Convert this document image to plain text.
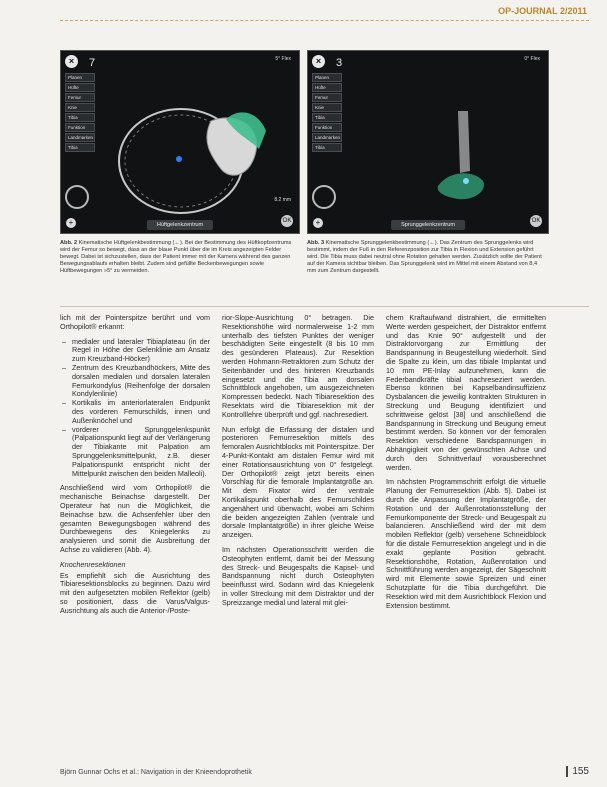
OP-JOURNAL 2/2011
×	7	5° Flex
Planen
Hüfte
Femur
Knie
Tibia
Funktion
Landmarken
Tibia
+
8.2 mm
Hüftgelenkzentrum
OK
×	3	0° Flex
Planen
Hüfte
Femur
Knie
Tibia
Funktion
Landmarken
Tibia
+	Sprunggelenkzentrum
OK
Abb. 2 Kinematische Hüftgelenkbestimmung (←). Bei der Bestimmung des Hüftkopfzentrums wird der Femur so bewegt, dass an der blaue Punkt über die im Kreis angezeigten Felder bewegt. Dabei ist sichzustellen, dass der Patient immer mit der Kamera während des ganzen Bewegungsablaufs erhalten bleibt. Zudem sind gefüllte Beckenbewegungen sowie Hüftbewegungen »5° zu vermeiden.
Abb. 3 Kinematische Sprunggelenkbestimmung (←). Das Zentrum des Sprunggelenks wird bestimmt, indem der Fuß in den Referenzposition zur Tibia in Flexion und Extension geführt wird. Die Tibia muss dabei neutral ohne Rotation gehalten werden. Zusätzlich sollte der Patient auf der Kamera sichtbar bleiben. Das Sprunggelenk wird im Mittel mit einem Abstand von 8,4 mm zum Zentrum dargestellt.

lich mit der Pointerspitze berührt und vom Orthopilot® erkannt:

– medialer und lateraler Tibiaplateau (in der Regel in Höhe der Gelenklinie am Ansatz zum Kreuzband-Höcker)
– Zentrum des Kreuzbandhöckers, Mitte des dorsalen medialen und dorsalen lateralen Femurkondylus (Reihenfolge der dorsalen Kondylenlinie)
– Kortikalis im anteriorlateralen Endpunkt des vorderen Femurschilds, innen und Außenknöchel und
– vorderer Sprunggelenkspunkt (Palpationspunkt liegt auf der Verlängerung der Tibiakante mit Palpation am Sprunggelenksmittelpunkt, z.B. dieser Palpationspunkt entspricht nicht der Mittelpunkt zwischen den beiden Malleoli).

Anschließend wird vom Orthopilot® die mechanische Beinachse dargestellt. Der Operateur hat nun die Möglichkeit, die Beinachse bzw. die Achsenfehler über den gesamten Bewegungsbogen während des Durchbewegens des Kniegelenks zu analysieren und somit die Ausbreitung der Achse zu validieren (Abb. 4).

Knochenresektionen

Es empfiehlt sich die Ausrichtung des Tibiaresektionsblocks zu beginnen. Dazu wird mit den aufgesetzten mobilen Reflektor (gelb) so positioniert, dass die Varus/Valgus-Ausrichtung als auch die Anterior-/Poste-

rior-Slope-Ausrichtung 0° betragen. Die Resektionshöhe wird normalerweise 1-2 mm unterhalb des tiefsten Punktes der weniger beschädigten Seite eingestellt (8 bis 10 mm des gesünderen Plateaus). Zur Resektion werden Hohmann-Retraktoren zum Schutz der Seitenbänder und des hinteren Kreuzbands eingesetzt und die Tibia am dorsalen Schnittblock angehoben, um ausgezeichneten Kompressen bedeckt. Nach Tibiaresektion des Resektats wird die Tibiaresektion mit der Kontrolllehre überprüft und ggf. nachresediert.

Nun erfolgt die Erfassung der distalen und posterioren Femurresektion mittels des femoralen Ausrichtblocks mit Pointerspitze. Der 4-Punkt-Kontakt am distalen Femur wird mit einer Rotationsausrichtung von 0° festgelegt. Der Orthopilot® zeigt jetzt bereits einen Vorschlag für die femorale Implantatgröße an. Mit dem Fixator wird der ventrale Kortikalispunkt oberhalb des Femurschildes angenähert und überwacht, wobei am Schirm die beiden angezeigten Zahlen (ventrale und dorsale Implantatgröße) in ihrer gleiche Weise anzeigen.

Im nächsten Operationsschritt werden die Osteophyten entfernt, damit bei der Messung des Streck- und Beugespalts die Kapsel- und Bandspannung nicht durch Osteophyten beeinflusst wird. Sodann wird das Kniegelenk in voller Streckung mit dem Distraktor und der Spreizzange medial und lateral mit glei-

chem Kraftaufwand distrahiert, die ermittelten Werte werden gespeichert, der Distraktor entfernt und das Knie 90° aufgestellt und der Distraktorvorgang zur Ermittlung der Bandspannung in Beugestellung wiederholt. Sind die Spalte zu klein, um das tibiale Implantat und 10 mm PE-Inlay aufzunehmen, kann die Federbandkräfte tibial nachreseziert werden. Ebenso können bei Kapselbandinsuffizienz Dysbalancen die jeweilig kontrakten Strukturen in Streckung und Beugung identifiziert und schrittweise gelöst [38] und anschließend die Bandspannung in Streckung und Beugung erneut bestimmt werden. So können vor der femoralen Resektion verschiedene Bandspannungen in Abhängigkeit von der gewünschten Achse und durch den Schnittverlauf vorausberechnet werden.

Im nächsten Programmschritt erfolgt die virtuelle Planung der Femurresektion (Abb. 5). Dabei ist durch die Anpassung der Implantatgröße, der Rotation und der Außenrotationsstellung der Femurkomponente der Streck- und Beugespalt zu balancieren. Anschließend wird der mit dem mobilen Reflektor (gelb) versehene Schneidblock für die distale Femurresektion angelegt und in die exakt geplante Position gebracht. Resektionshöhe, Rotation, Außenrotation und Schnittführung werden angezeigt, der Sägeschnitt wird mit Elemente sowie Spreizen und einer Schutzplatte für die Tibia durchgeführt. Die Resektion wird mit dem Ausrichtblock Flexion und Extension bestimmt.

Björn Gunnar Ochs et al.: Navigation in der Knieendoprothetik	155
